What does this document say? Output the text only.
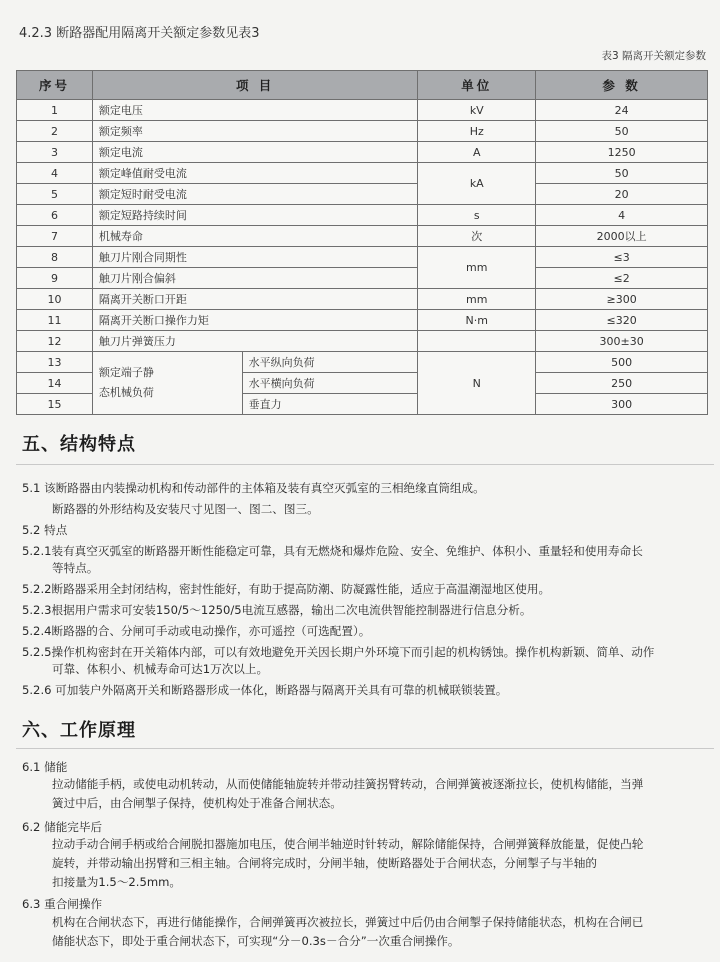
4.2.3 断路器配用隔离开关额定参数见表3
表3 隔离开关额定参数
序号	项 目		单位	参 数
1	额定电压		kV	24
2	额定频率		Hz	50
3	额定电流		A	1250
4	额定峰值耐受电流		kA	50
5	额定短时耐受电流			20
6	额定短路持续时间		s	4
7	机械寿命		次	2000以上
8	触刀片刚合同期性		mm	≤3
9	触刀片刚合偏斜			≤2
10	隔离开关断口开距		mm	≥300
11	隔离开关断口操作力矩		N·m	≤320
12	触刀片弹簧压力			300±30
13	额定端子静
态机械负荷	水平纵向负荷	N	500
14		水平横向负荷		250
15		垂直力		300
五、结构特点
5.1 该断路器由内装操动机构和传动部件的主体箱及装有真空灭弧室的三相绝缘直筒组成。
断路器的外形结构及安装尺寸见图一、图二、图三。
5.2 特点
5.2.1装有真空灭弧室的断路器开断性能稳定可靠，具有无燃烧和爆炸危险、安全、免维护、体积小、重量轻和使用寿命长
等特点。
5.2.2断路器采用全封闭结构，密封性能好，有助于提高防潮、防凝露性能，适应于高温潮湿地区使用。
5.2.3根据用户需求可安装150/5～1250/5电流互感器，输出二次电流供智能控制器进行信息分析。
5.2.4断路器的合、分闸可手动或电动操作，亦可遥控（可选配置）。
5.2.5操作机构密封在开关箱体内部，可以有效地避免开关因长期户外环境下而引起的机构锈蚀。操作机构新颖、简单、动作
可靠、体积小、机械寿命可达1万次以上。
5.2.6 可加装户外隔离开关和断路器形成一体化，断路器与隔离开关具有可靠的机械联锁装置。
六、工作原理
6.1 储能
拉动储能手柄，或使电动机转动，从而使储能轴旋转并带动挂簧拐臂转动，合闸弹簧被逐渐拉长，使机构储能，当弹
簧过中后，由合闸掣子保持，使机构处于准备合闸状态。
6.2 储能完毕后
拉动手动合闸手柄或给合闸脱扣器施加电压，使合闸半轴逆时针转动，解除储能保持，合闸弹簧释放能量，促使凸轮
旋转，并带动输出拐臂和三相主轴。合闸将完成时，分闸半轴，使断路器处于合闸状态，分闸掣子与半轴的
扣接量为1.5～2.5mm。
6.3 重合闸操作
机构在合闸状态下，再进行储能操作，合闸弹簧再次被拉长，弹簧过中后仍由合闸掣子保持储能状态，机构在合闸已
储能状态下，即处于重合闸状态下，可实现“分－0.3s－合分”一次重合闸操作。
